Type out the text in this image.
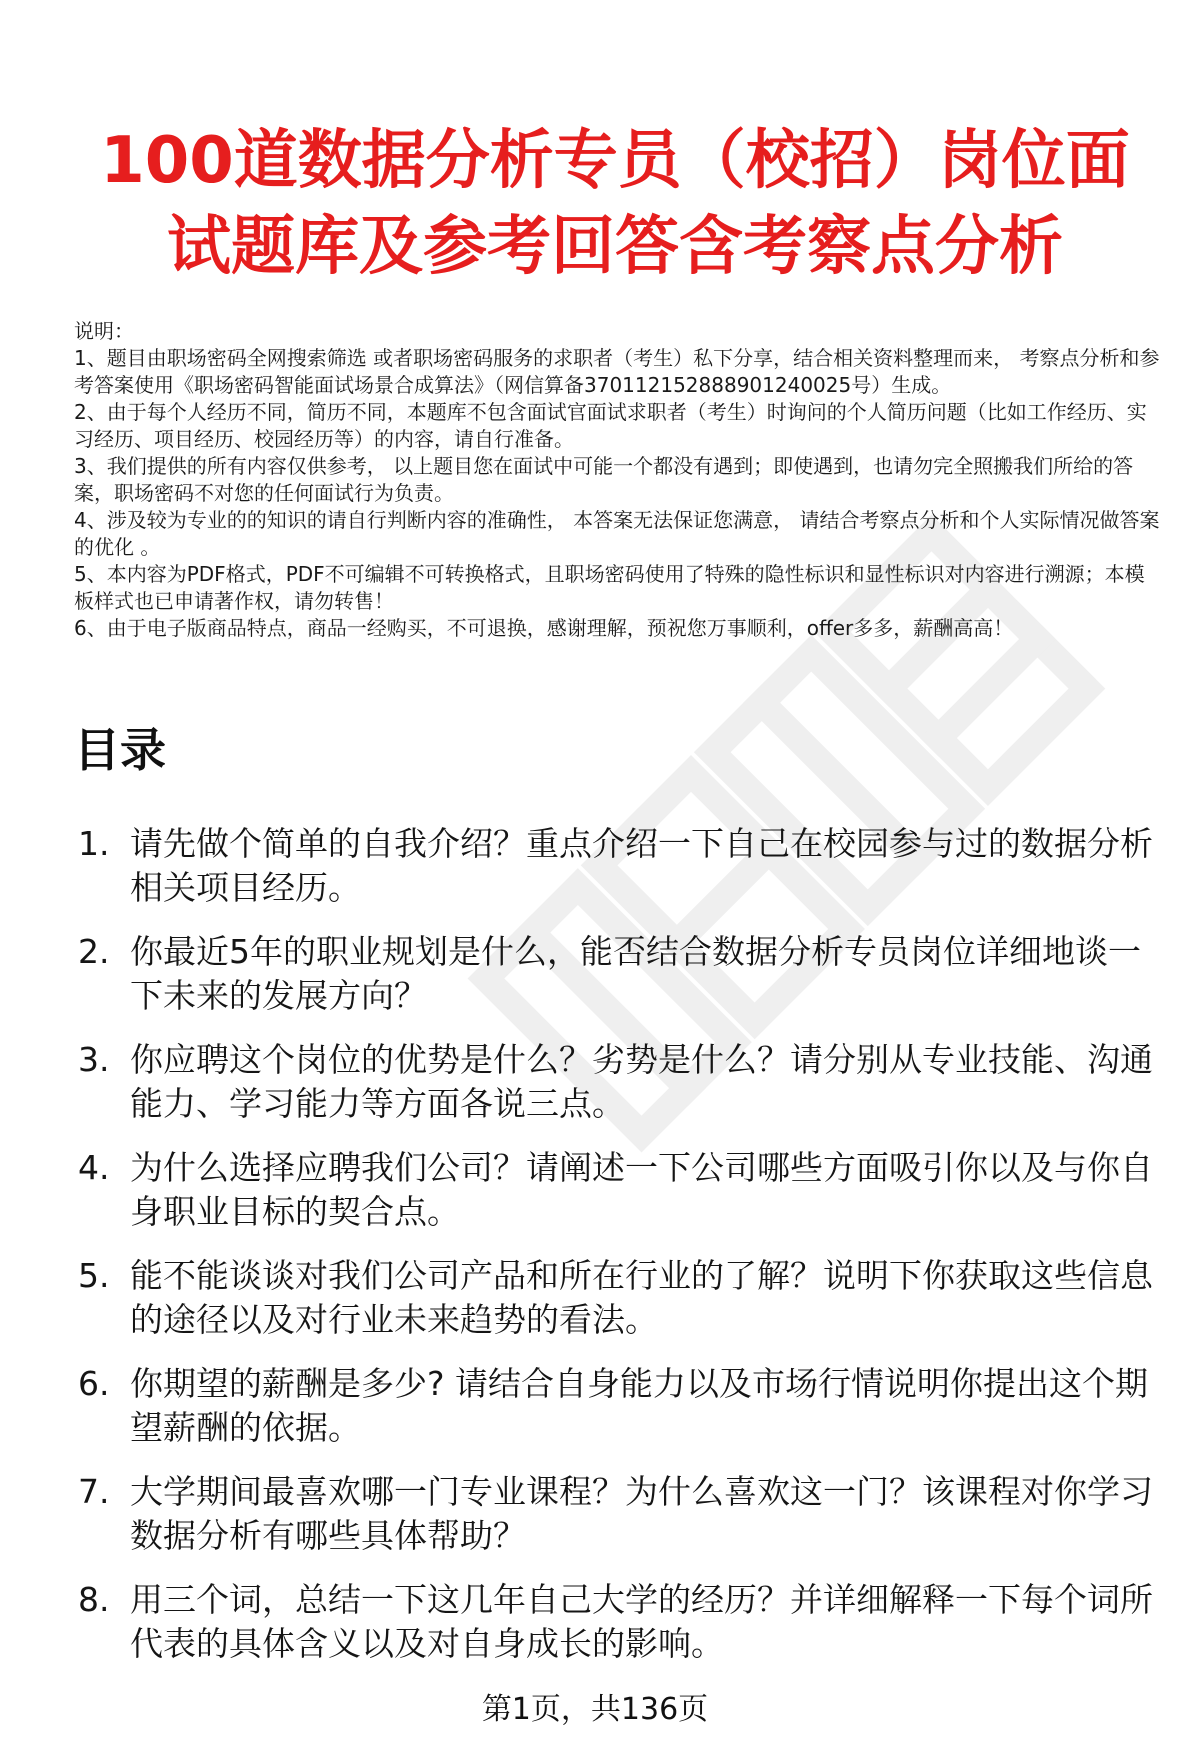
100道数据分析专员（校招）岗位面试题库及参考回答含考察点分析
说明：
1、题目由职场密码全网搜索筛选 或者职场密码服务的求职者（考生）私下分享，结合相关资料整理而来， 考察点分析和参考答案使用《职场密码智能面试场景合成算法》（网信算备370112152888901240025号）生成。
2、由于每个人经历不同，简历不同，本题库不包含面试官面试求职者（考生）时询问的个人简历问题（比如工作经历、实习经历、项目经历、校园经历等）的内容，请自行准备。
3、我们提供的所有内容仅供参考， 以上题目您在面试中可能一个都没有遇到；即使遇到，也请勿完全照搬我们所给的答案，职场密码不对您的任何面试行为负责。
4、涉及较为专业的的知识的请自行判断内容的准确性， 本答案无法保证您满意， 请结合考察点分析和个人实际情况做答案的优化 。
5、本内容为PDF格式，PDF不可编辑不可转换格式，且职场密码使用了特殊的隐性标识和显性标识对内容进行溯源；本模板样式也已申请著作权，请勿转售！
6、由于电子版商品特点，商品一经购买，不可退换，感谢理解，预祝您万事顺利，offer多多，薪酬高高！
目录
1. 请先做个简单的自我介绍？重点介绍一下自己在校园参与过的数据分析相关项目经历。
2. 你最近5年的职业规划是什么，能否结合数据分析专员岗位详细地谈一下未来的发展方向？
3. 你应聘这个岗位的优势是什么？劣势是什么？请分别从专业技能、沟通能力、学习能力等方面各说三点。
4. 为什么选择应聘我们公司？请阐述一下公司哪些方面吸引你以及与你自身职业目标的契合点。
5. 能不能谈谈对我们公司产品和所在行业的了解？说明下你获取这些信息的途径以及对行业未来趋势的看法。
6. 你期望的薪酬是多少? 请结合自身能力以及市场行情说明你提出这个期望薪酬的依据。
7. 大学期间最喜欢哪一门专业课程？为什么喜欢这一门？该课程对你学习数据分析有哪些具体帮助？
8. 用三个词，总结一下这几年自己大学的经历？并详细解释一下每个词所代表的具体含义以及对自身成长的影响。
第1页，共136页
